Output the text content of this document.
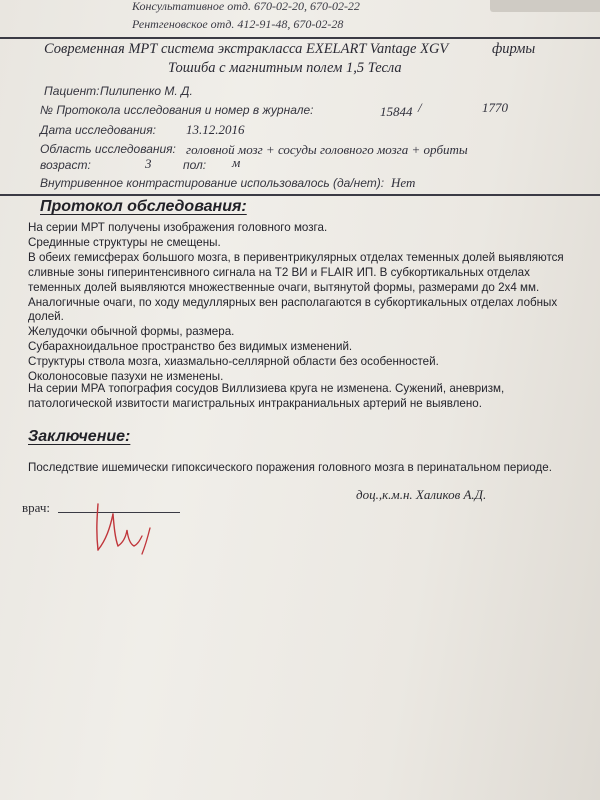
Консультативное отд. 670-02-20, 670-02-22
Рентгеновское отд. 412-91-48, 670-02-28
Современная МРТ система экстракласса EXELART Vantage XGV	фирмы
Тошиба с магнитным полем 1,5 Тесла
Пациент: Пилипенко М. Д.
№ Протокола исследования и номер в журнале:	15844 /	1770
Дата исследования: 13.12.2016
Область исследования: головной мозг + сосуды головного мозга + орбиты
возраст:	3	пол: м
Внутривенное контрастирование использовалось (да/нет): Нет
Протокол обследования:
На серии МРТ получены изображения головного мозга.
Срединные структуры не смещены.
В обеих гемисферах большого мозга, в перивентрикулярных отделах теменных долей выявляются
сливные зоны гиперинтенсивного сигнала на Т2 ВИ и FLAIR ИП. В субкортикальных отделах
теменных долей выявляются множественные очаги, вытянутой формы, размерами до 2х4 мм.
Аналогичные очаги, по ходу медуллярных вен располагаются в субкортикальных отделах лобных
долей.
Желудочки обычной формы, размера.
Субарахноидальное пространство без видимых изменений.
Структуры ствола мозга, хиазмально-селлярной области без особенностей.
Околоносовые пазухи не изменены.
На серии МРА топография сосудов Виллизиева круга не изменена. Сужений, аневризм,
патологической извитости магистральных интракраниальных артерий не выявлено.
Заключение:
Последствие ишемически гипоксического поражения головного мозга в перинатальном периоде.
врач:
доц.,к.м.н. Халиков А.Д.
